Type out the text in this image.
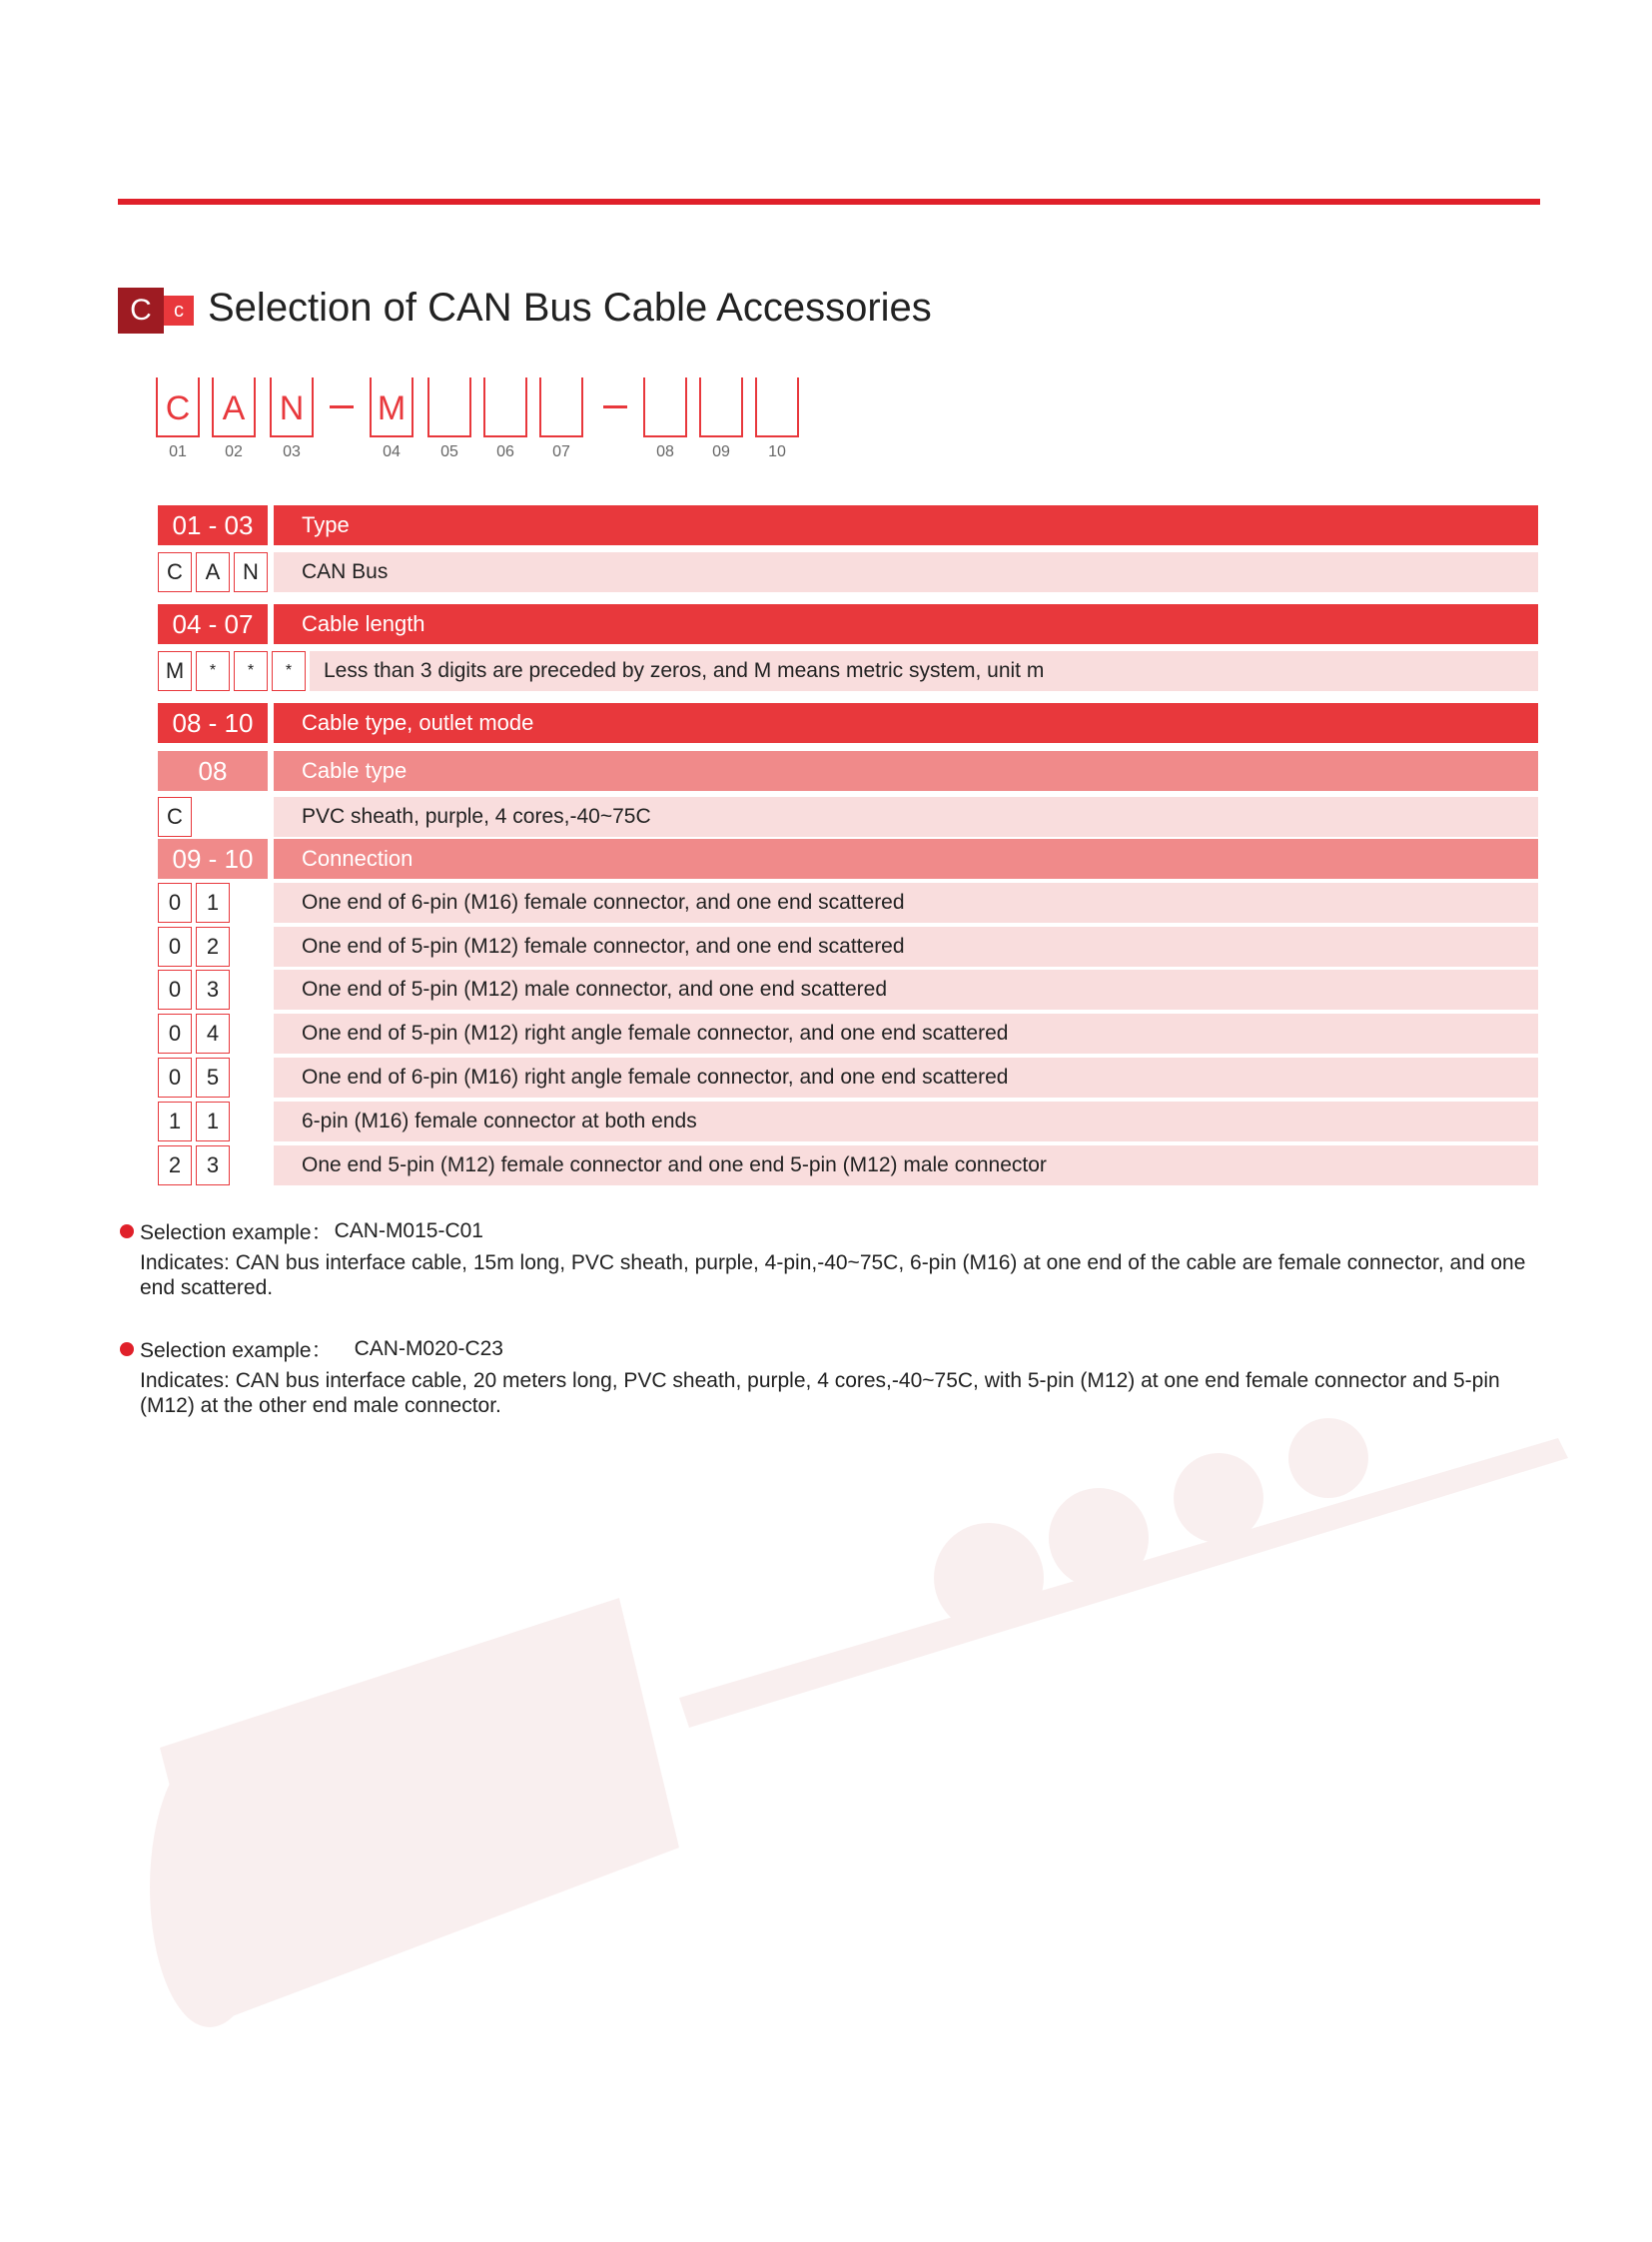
C	c Selection of CAN Bus Cable Accessories
C
01
A
02
N
03
M
04	05	06	07	08	09	10
01 - 03	Type
C	A	N	CAN Bus
04 - 07	Cable length
M	*	*	*	Less than 3 digits are preceded by zeros, and M means metric system, unit m
08 - 10	Cable type, outlet mode
08	Cable type
C	PVC sheath, purple, 4 cores,-40~75C
09 - 10	Connection
0	1	One end of 6-pin (M16) female connector, and one end scattered
0	2	One end of 5-pin (M12) female connector, and one end scattered
0	3	One end of 5-pin (M12) male connector, and one end scattered
0	4	One end of 5-pin (M12) right angle female connector, and one end scattered
0	5	One end of 6-pin (M16) right angle female connector, and one end scattered
1	1	6-pin (M16) female connector at both ends
2	3	One end 5-pin (M12) female connector and one end 5-pin (M12) male connector
Selection example： CAN-M015-C01
Indicates: CAN bus interface cable, 15m long, PVC sheath, purple, 4-pin,-40~75C, 6-pin (M16) at one end of the cable are female connector, and one end scattered.
Selection example： CAN-M020-C23
Indicates: CAN bus interface cable, 20 meters long, PVC sheath, purple, 4 cores,-40~75C, with 5-pin (M12) at one end female connector and 5-pin (M12) at the other end male connector.
